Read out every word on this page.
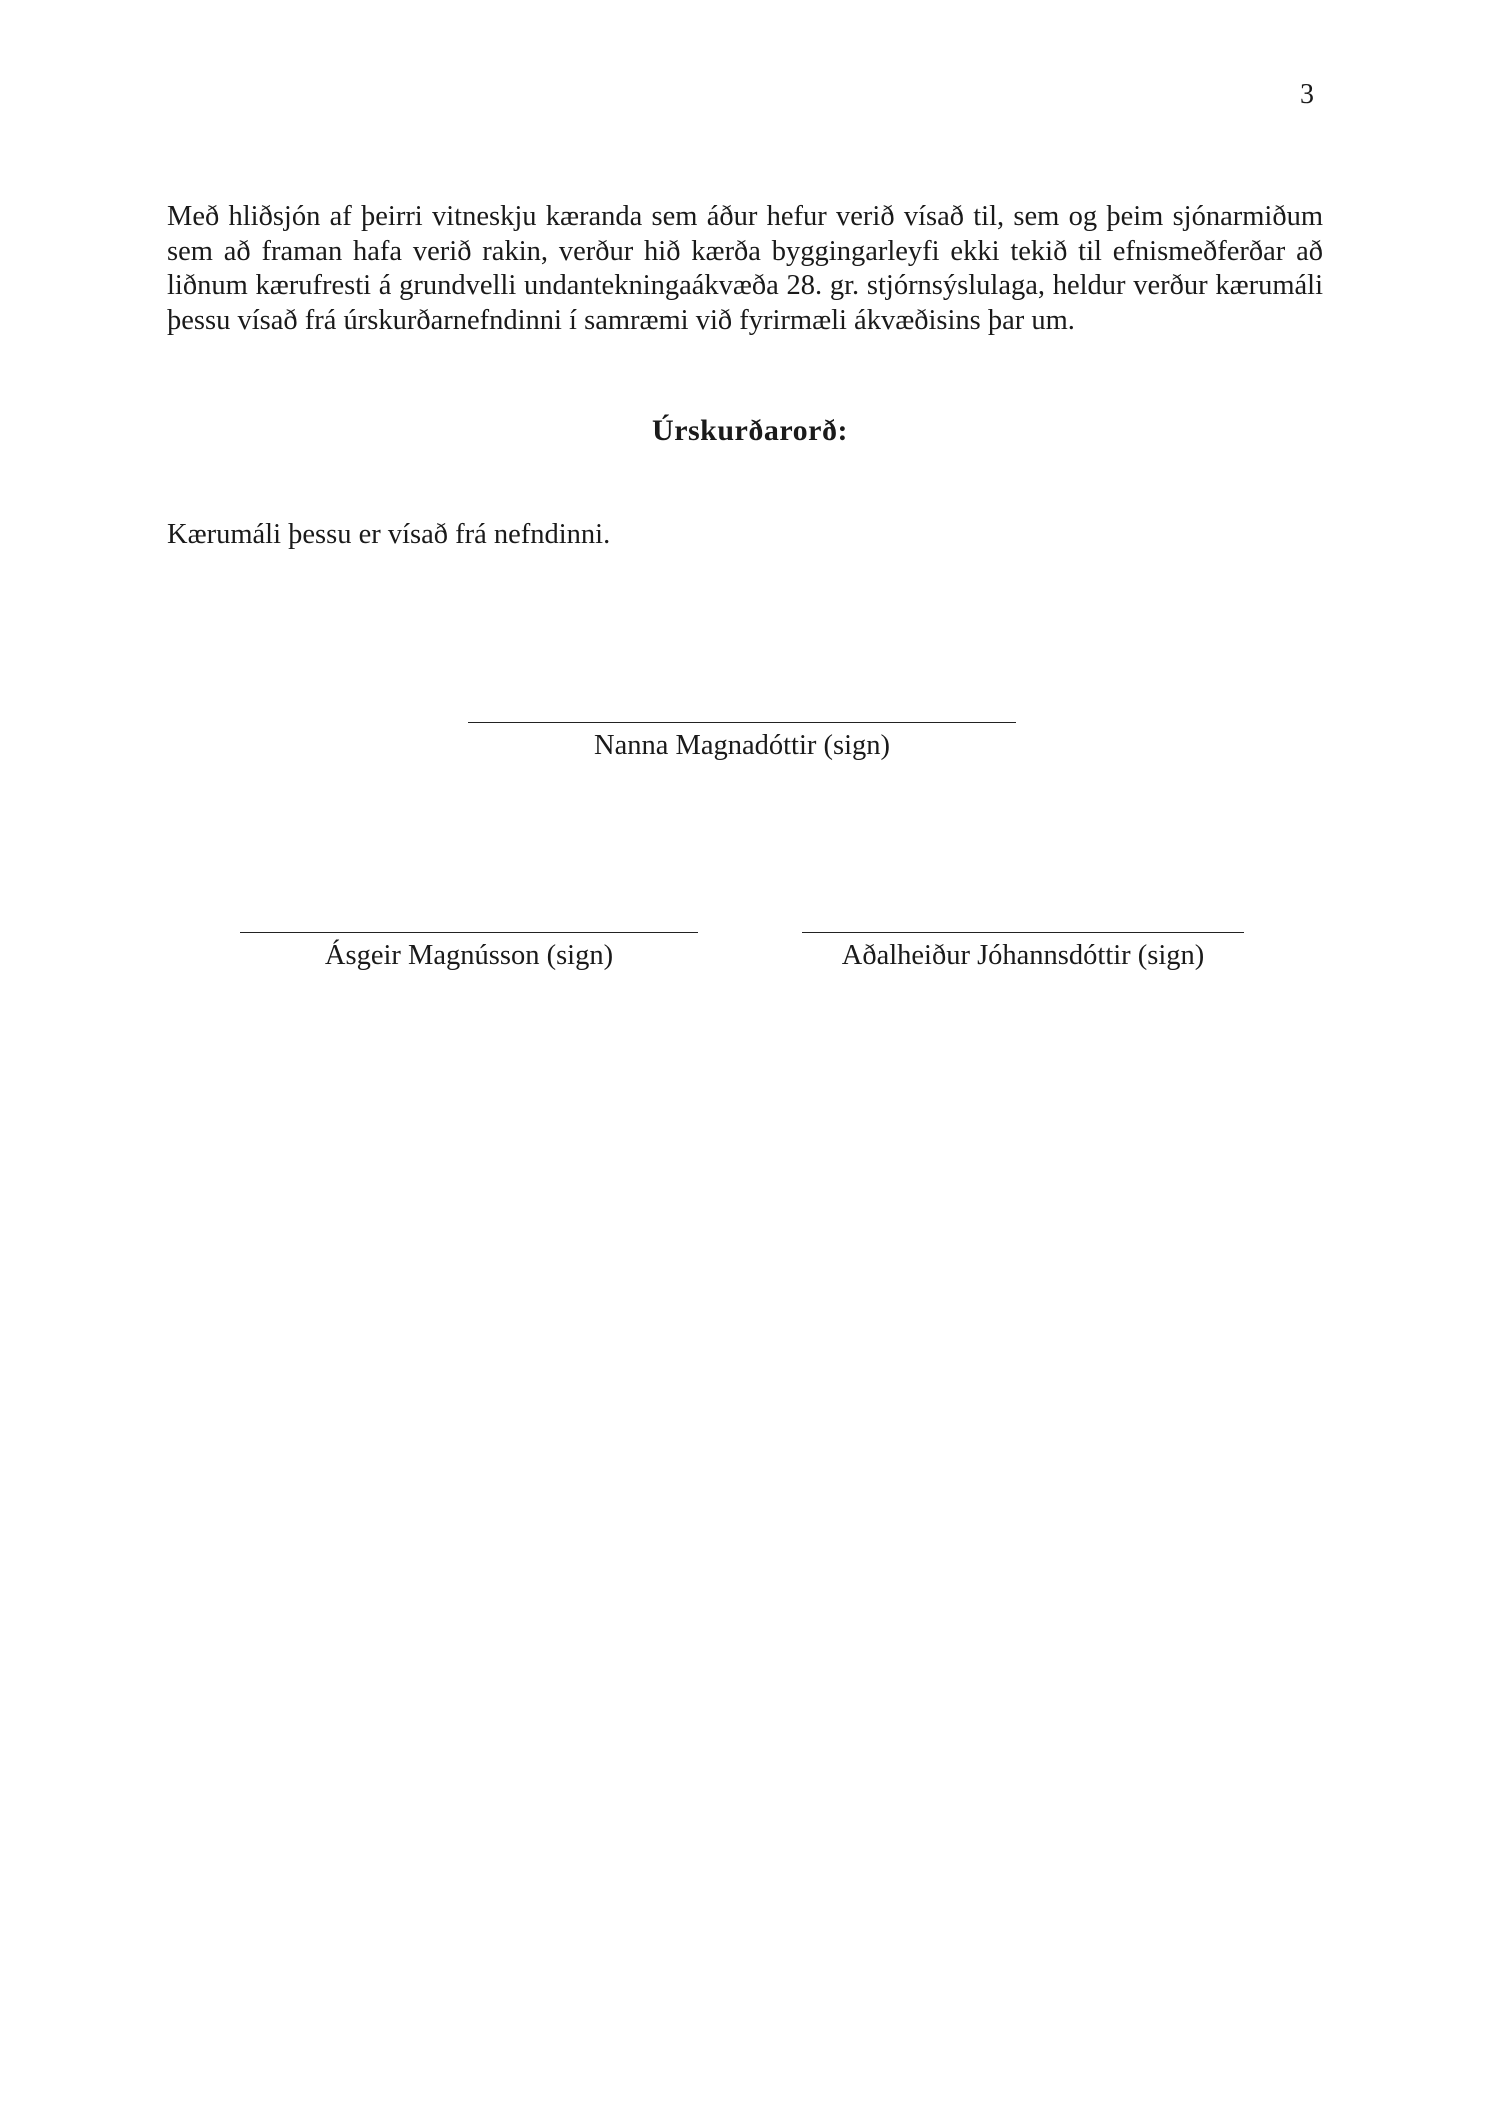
3

Með hliðsjón af þeirri vitneskju kæranda sem áður hefur verið vísað til, sem og þeim sjónarmiðum sem að framan hafa verið rakin, verður hið kærða byggingarleyfi ekki tekið til efnismeðferðar að liðnum kærufresti á grundvelli undantekningaákvæða 28. gr. stjórnsýslulaga, heldur verður kærumáli þessu vísað frá úrskurðarnefndinni í samræmi við fyrirmæli ákvæðisins þar um.

Úrskurðarorð:

Kærumáli þessu er vísað frá nefndinni.

Nanna Magnadóttir (sign)
Ásgeir Magnússon (sign)	Aðalheiður Jóhannsdóttir (sign)
